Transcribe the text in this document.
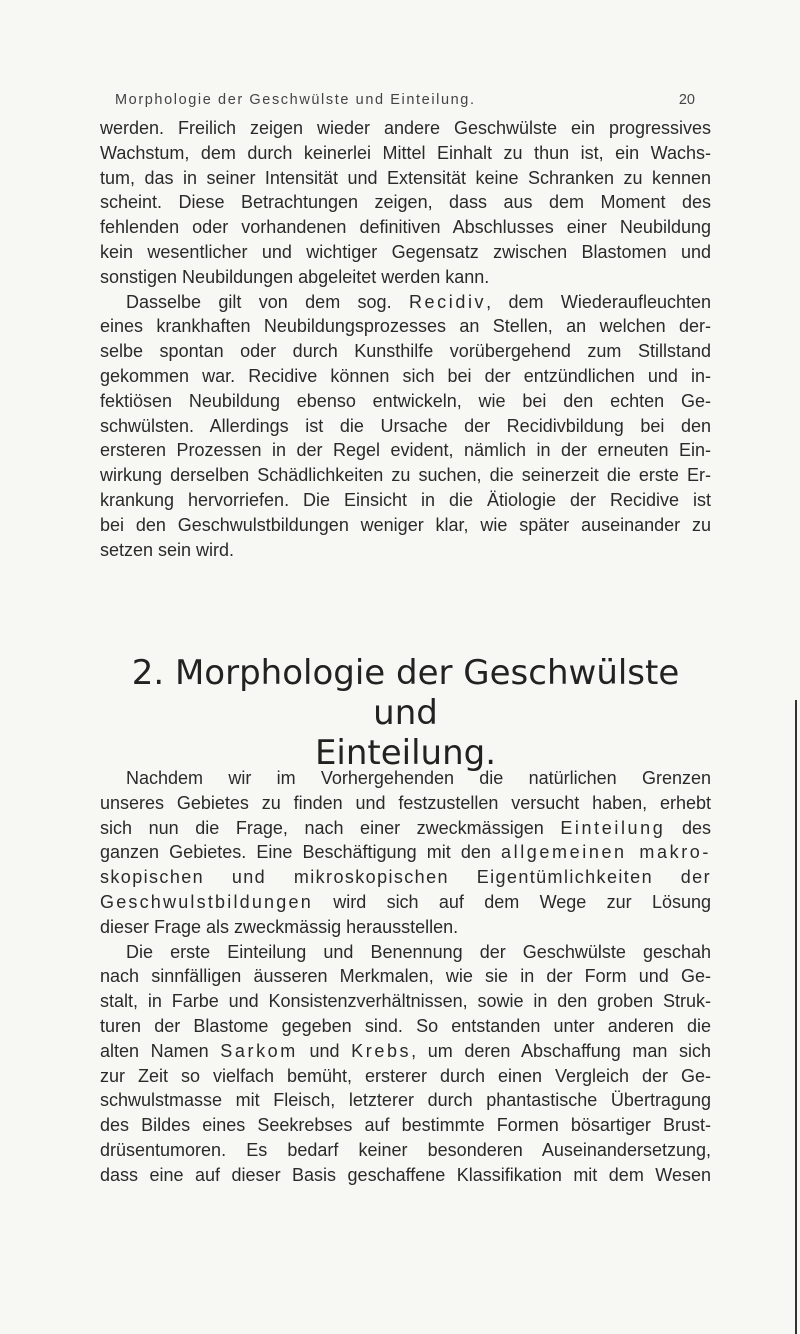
Morphologie der Geschwülste und Einteilung.	20

werden. Freilich zeigen wieder andere Geschwülste ein progressives

Wachstum, dem durch keinerlei Mittel Einhalt zu thun ist, ein Wachs-

tum, das in seiner Intensität und Extensität keine Schranken zu kennen

scheint. Diese Betrachtungen zeigen, dass aus dem Moment des

fehlenden oder vorhandenen definitiven Abschlusses einer Neubildung

kein wesentlicher und wichtiger Gegensatz zwischen Blastomen und

sonstigen Neubildungen abgeleitet werden kann.

Dasselbe gilt von dem sog. Recidiv, dem Wiederaufleuchten

eines krankhaften Neubildungsprozesses an Stellen, an welchen der-

selbe spontan oder durch Kunsthilfe vorübergehend zum Stillstand

gekommen war. Recidive können sich bei der entzündlichen und in-

fektiösen Neubildung ebenso entwickeln, wie bei den echten Ge-

schwülsten. Allerdings ist die Ursache der Recidivbildung bei den

ersteren Prozessen in der Regel evident, nämlich in der erneuten Ein-

wirkung derselben Schädlichkeiten zu suchen, die seinerzeit die erste Er-

krankung hervorriefen. Die Einsicht in die Ätiologie der Recidive ist

bei den Geschwulstbildungen weniger klar, wie später auseinander zu

setzen sein wird.

2. Morphologie der Geschwülste und
Einteilung.

Nachdem wir im Vorhergehenden die natürlichen Grenzen

unseres Gebietes zu finden und festzustellen versucht haben, erhebt

sich nun die Frage, nach einer zweckmässigen Einteilung des

ganzen Gebietes. Eine Beschäftigung mit den allgemeinen makro-

skopischen und mikroskopischen Eigentümlichkeiten der

Geschwulstbildungen wird sich auf dem Wege zur Lösung

dieser Frage als zweckmässig herausstellen.

Die erste Einteilung und Benennung der Geschwülste geschah

nach sinnfälligen äusseren Merkmalen, wie sie in der Form und Ge-

stalt, in Farbe und Konsistenzverhältnissen, sowie in den groben Struk-

turen der Blastome gegeben sind. So entstanden unter anderen die

alten Namen Sarkom und Krebs, um deren Abschaffung man sich

zur Zeit so vielfach bemüht, ersterer durch einen Vergleich der Ge-

schwulstmasse mit Fleisch, letzterer durch phantastische Übertragung

des Bildes eines Seekrebses auf bestimmte Formen bösartiger Brust-

drüsentumoren. Es bedarf keiner besonderen Auseinandersetzung,

dass eine auf dieser Basis geschaffene Klassifikation mit dem Wesen
